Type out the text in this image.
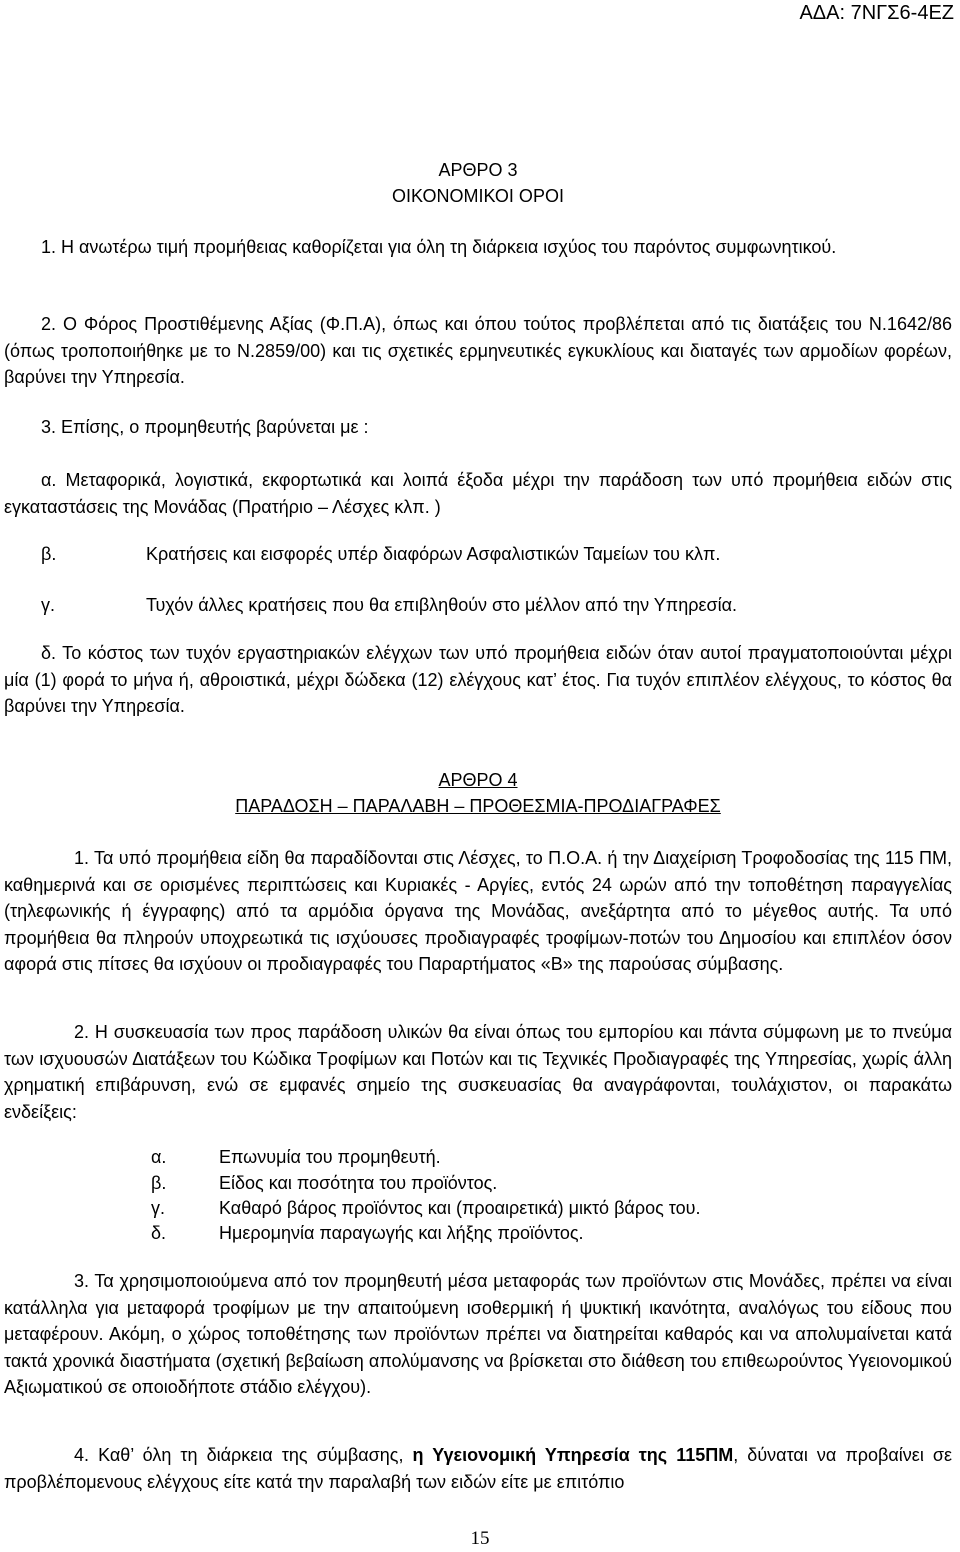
ΑΔΑ: 7ΝΓΣ6-4ΕΖ
ΑΡΘΡΟ 3
ΟΙΚΟΝΟΜΙΚΟΙ ΟΡΟΙ

1. Η ανωτέρω τιμή προμήθειας καθορίζεται για όλη τη διάρκεια ισχύος του παρόντος συμφωνητικού.

2. Ο Φόρος Προστιθέμενης Αξίας (Φ.Π.Α), όπως και όπου τούτος προβλέπεται από τις διατάξεις του Ν.1642/86 (όπως τροποποιήθηκε με το Ν.2859/00) και τις σχετικές ερμηνευτικές εγκυκλίους και διαταγές των αρμοδίων φορέων, βαρύνει την Υπηρεσία.

3. Επίσης, ο προμηθευτής βαρύνεται με :

α. Μεταφορικά, λογιστικά, εκφορτωτικά και λοιπά έξοδα μέχρι την παράδοση των υπό προμήθεια ειδών στις εγκαταστάσεις της Μονάδας (Πρατήριο – Λέσχες κλπ. )

β.	Κρατήσεις και εισφορές υπέρ διαφόρων Ασφαλιστικών Ταμείων του κλπ.
γ.	Τυχόν άλλες κρατήσεις που θα επιβληθούν στο μέλλον από την Υπηρεσία.

δ. Το κόστος των τυχόν εργαστηριακών ελέγχων των υπό προμήθεια ειδών όταν αυτοί πραγματοποιούνται μέχρι μία (1) φορά το μήνα ή, αθροιστικά, μέχρι δώδεκα (12) ελέγχους κατ’ έτος. Για τυχόν επιπλέον ελέγχους, το κόστος θα βαρύνει την Υπηρεσία.

ΑΡΘΡΟ 4
ΠΑΡΑΔΟΣΗ – ΠΑΡΑΛΑΒΗ – ΠΡΟΘΕΣΜΙΑ-ΠΡΟΔΙΑΓΡΑΦΕΣ

1. Τα υπό προμήθεια είδη θα παραδίδονται στις Λέσχες, το Π.Ο.Α. ή την Διαχείριση Τροφοδοσίας της 115 ΠΜ, καθημερινά και σε ορισμένες περιπτώσεις και Κυριακές - Αργίες, εντός 24 ωρών από την τοποθέτηση παραγγελίας (τηλεφωνικής ή έγγραφης) από τα αρμόδια όργανα της Μονάδας, ανεξάρτητα από το μέγεθος αυτής. Τα υπό προμήθεια θα πληρούν υποχρεωτικά τις ισχύουσες προδιαγραφές τροφίμων-ποτών του Δημοσίου και επιπλέον όσον αφορά στις πίτσες θα ισχύουν οι προδιαγραφές του Παραρτήματος «Β» της παρούσας σύμβασης.

2. Η συσκευασία των προς παράδοση υλικών θα είναι όπως του εμπορίου και πάντα σύμφωνη με το πνεύμα των ισχυουσών Διατάξεων του Κώδικα Τροφίμων και Ποτών και τις Τεχνικές Προδιαγραφές της Υπηρεσίας, χωρίς άλλη χρηματική επιβάρυνση, ενώ σε εμφανές σημείο της συσκευασίας θα αναγράφονται, τουλάχιστον, οι παρακάτω ενδείξεις:

α.	Επωνυμία του προμηθευτή.
β.	Είδος και ποσότητα του προϊόντος.
γ.	Καθαρό βάρος προϊόντος και (προαιρετικά) μικτό βάρος του.
δ.	Ημερομηνία παραγωγής και λήξης προϊόντος.

3. Τα χρησιμοποιούμενα από τον προμηθευτή μέσα μεταφοράς των προϊόντων στις Μονάδες, πρέπει να είναι κατάλληλα για μεταφορά τροφίμων με την απαιτούμενη ισοθερμική ή ψυκτική ικανότητα, αναλόγως του είδους που μεταφέρουν. Ακόμη, ο χώρος τοποθέτησης των προϊόντων πρέπει να διατηρείται καθαρός και να απολυμαίνεται κατά τακτά χρονικά διαστήματα (σχετική βεβαίωση απολύμανσης να βρίσκεται στο διάθεση του επιθεωρούντος Υγειονομικού Αξιωματικού σε οποιοδήποτε στάδιο ελέγχου).

4. Καθ’ όλη τη διάρκεια της σύμβασης, η Υγειονομική Υπηρεσία της 115ΠΜ, δύναται να προβαίνει σε προβλέπομενους ελέγχους είτε κατά την παραλαβή των ειδών είτε με επιτόπιο

15
